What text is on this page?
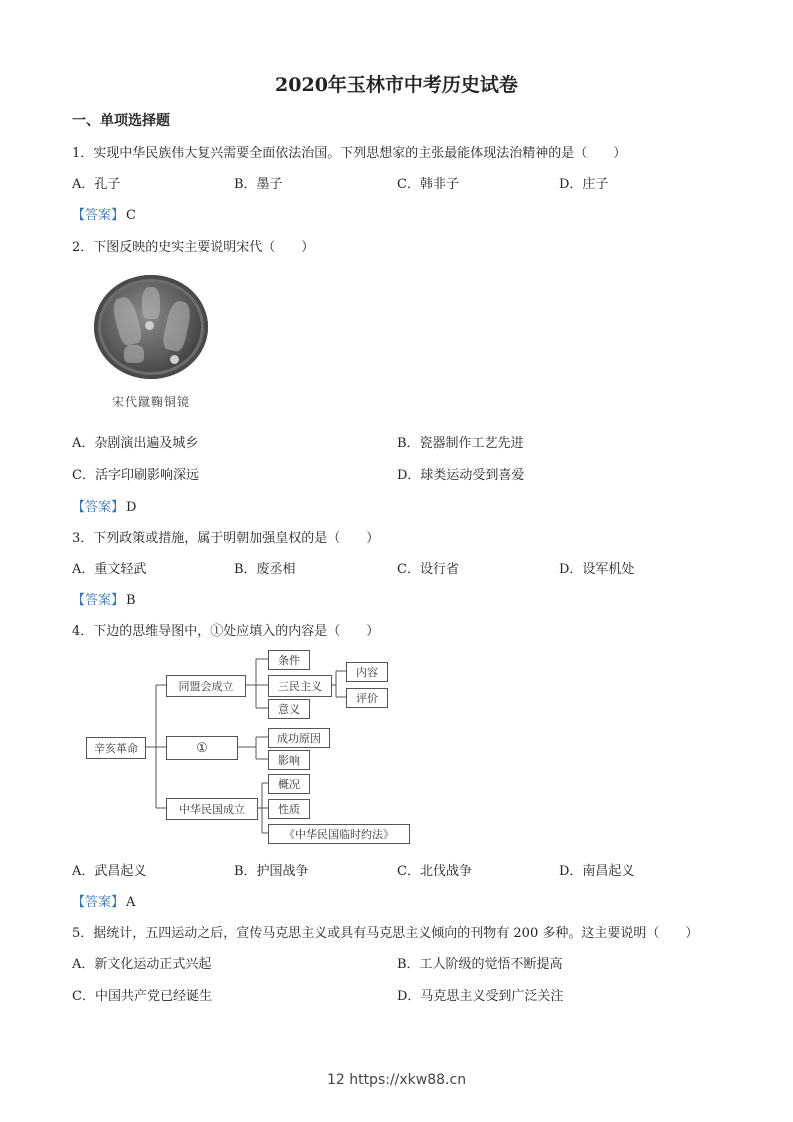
2020年玉林市中考历史试卷
一、单项选择题
1．实现中华民族伟大复兴需要全面依法治国。下列思想家的主张最能体现法治精神的是（　　）
A．孔子	B．墨子	C．韩非子	D．庄子
【答案】 C
2．下图反映的史实主要说明宋代（　　）
宋代蹴鞠铜镜
A．杂剧演出遍及城乡	B．瓷器制作工艺先进
C．活字印刷影响深远	D．球类运动受到喜爱
【答案】 D
3．下列政策或措施，属于明朝加强皇权的是（　　）
A．重文轻武	B．废丞相	C．设行省	D．设军机处
【答案】 B
4．下边的思维导图中，①处应填入的内容是（　　）
辛亥革命
同盟会成立
①
中华民国成立
条件
三民主义
意义
内容
评价
成功原因
影响
概况
性质
《中华民国临时约法》
A．武昌起义	B．护国战争	C．北伐战争	D．南昌起义
【答案】 A
5．据统计，五四运动之后，宣传马克思主义或具有马克思主义倾向的刊物有 200 多种。这主要说明（　　）
A．新文化运动正式兴起	B．工人阶级的觉悟不断提高
C．中国共产党已经诞生	D．马克思主义受到广泛关注
12 https://xkw88.cn
